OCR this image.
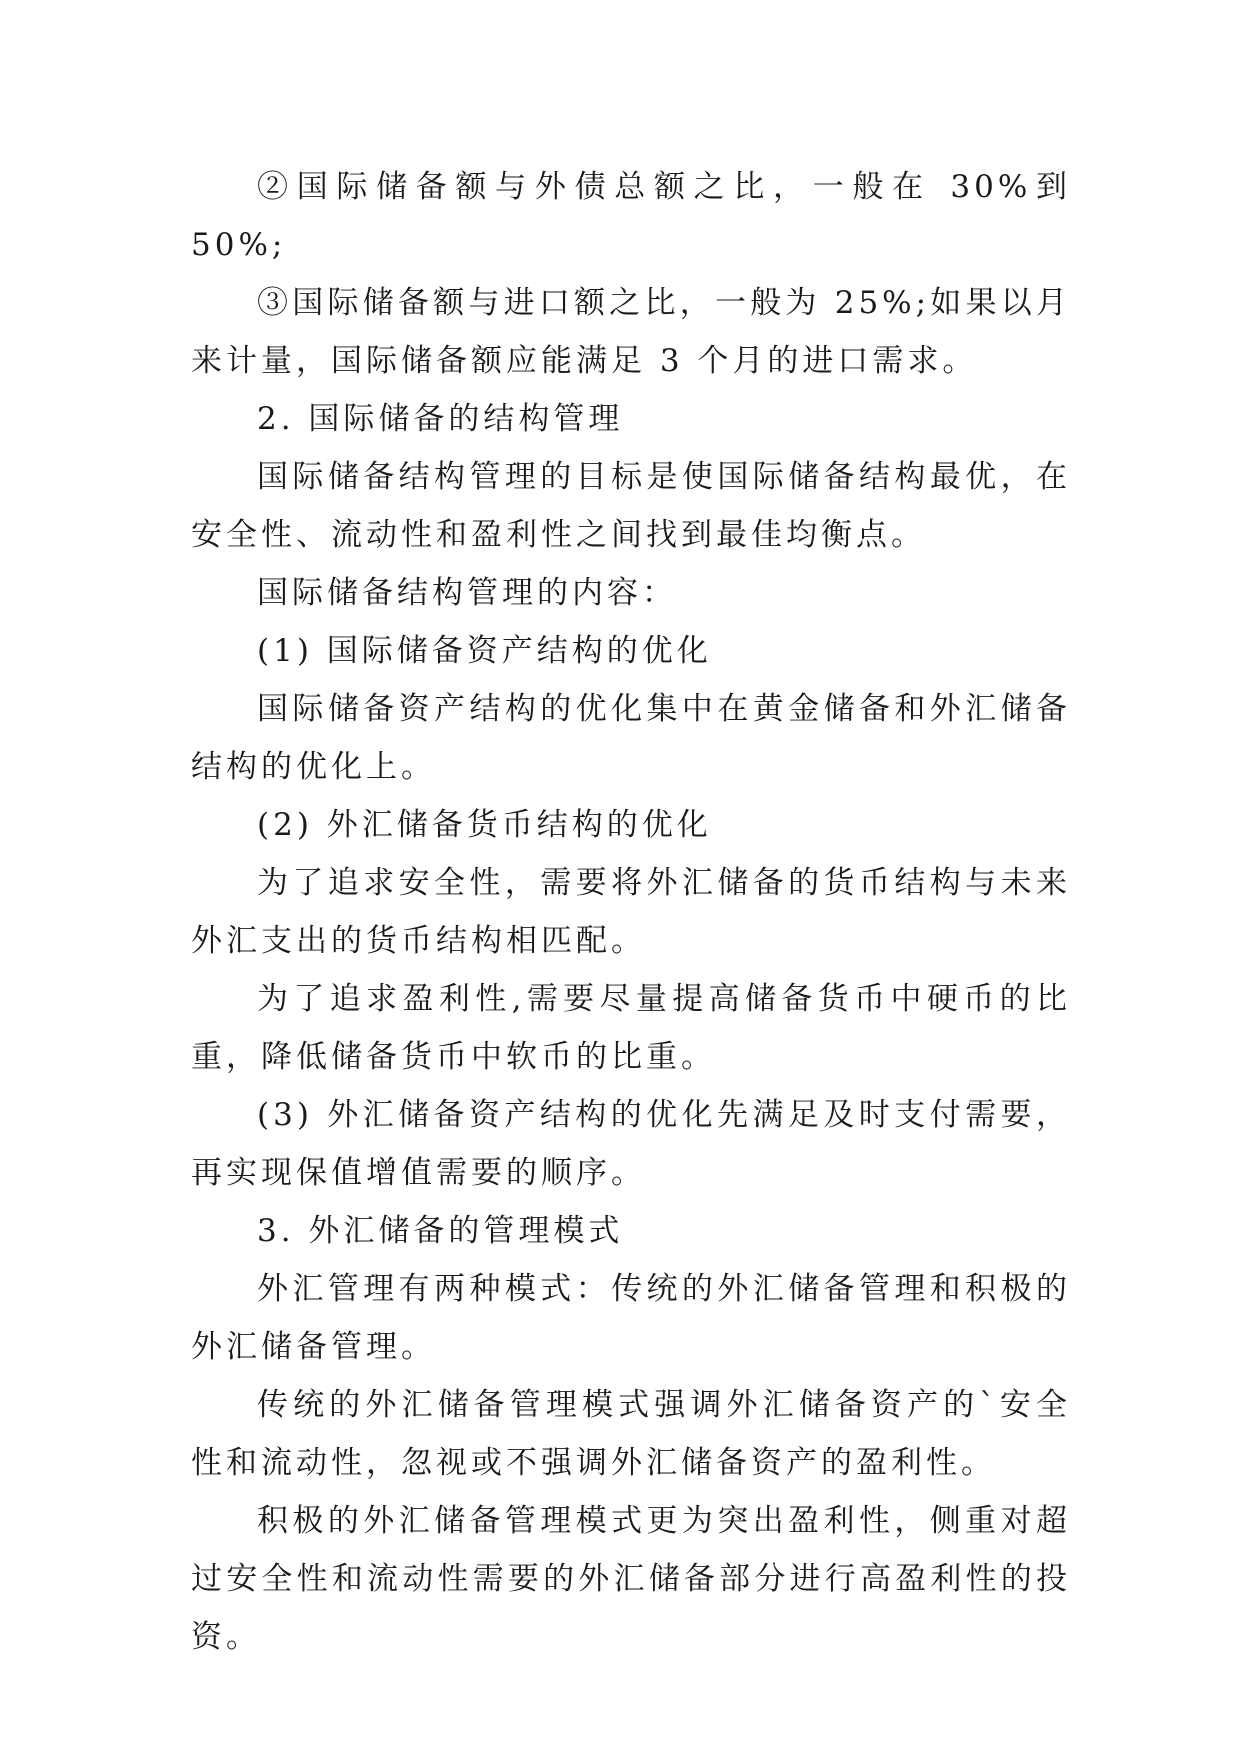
②国际储备额与外债总额之比，一般在 30%到 50%;

③国际储备额与进口额之比，一般为 25%;如果以月来计量，国际储备额应能满足 3 个月的进口需求。

2. 国际储备的结构管理

国际储备结构管理的目标是使国际储备结构最优，在安全性、流动性和盈利性之间找到最佳均衡点。

国际储备结构管理的内容：

(1) 国际储备资产结构的优化

国际储备资产结构的优化集中在黄金储备和外汇储备结构的优化上。

(2) 外汇储备货币结构的优化

为了追求安全性，需要将外汇储备的货币结构与未来外汇支出的货币结构相匹配。

为了追求盈利性,需要尽量提高储备货币中硬币的比重，降低储备货币中软币的比重。

(3) 外汇储备资产结构的优化先满足及时支付需要，再实现保值增值需要的顺序。

3. 外汇储备的管理模式

外汇管理有两种模式：传统的外汇储备管理和积极的外汇储备管理。

传统的外汇储备管理模式强调外汇储备资产的`安全性和流动性，忽视或不强调外汇储备资产的盈利性。

积极的外汇储备管理模式更为突出盈利性，侧重对超过安全性和流动性需要的外汇储备部分进行高盈利性的投资。
